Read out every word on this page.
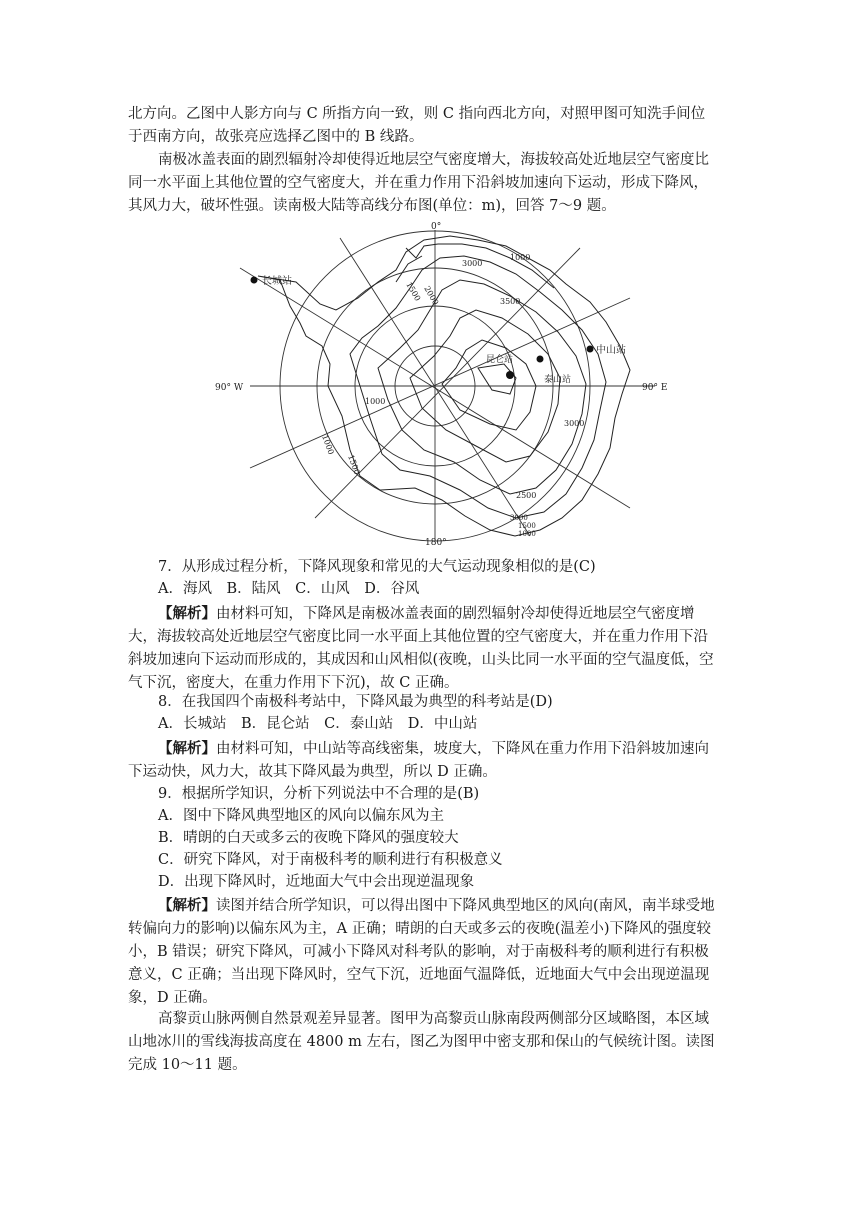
北方向。乙图中人影方向与 C 所指方向一致，则 C 指向西北方向，对照甲图可知洗手间位于西南方向，故张亮应选择乙图中的 B 线路。

南极冰盖表面的剧烈辐射冷却使得近地层空气密度增大，海拔较高处近地层空气密度比同一水平面上其他位置的空气密度大，并在重力作用下沿斜坡加速向下运动，形成下降风，其风力大，破坏性强。读南极大陆等高线分布图(单位：m)，回答 7～9 题。

0°
90° W	90° E
180°
长城站
昆仑站
泰山站
中山站
3000
1000
2000	3500
1000
3000
1000
1500
2500
3000
1500
1000
1500

7．从形成过程分析，下降风现象和常见的大气运动现象相似的是(C)

A．海风　B．陆风　C．山风　D．谷风

【解析】由材料可知，下降风是南极冰盖表面的剧烈辐射冷却使得近地层空气密度增大，海拔较高处近地层空气密度比同一水平面上其他位置的空气密度大，并在重力作用下沿斜坡加速向下运动而形成的，其成因和山风相似(夜晚，山头比同一水平面的空气温度低，空气下沉，密度大，在重力作用下下沉)，故 C 正确。

8．在我国四个南极科考站中，下降风最为典型的科考站是(D)

A．长城站　B．昆仑站　C．泰山站　D．中山站

【解析】由材料可知，中山站等高线密集，坡度大，下降风在重力作用下沿斜坡加速向下运动快，风力大，故其下降风最为典型，所以 D 正确。

9．根据所学知识，分析下列说法中不合理的是(B)

A．图中下降风典型地区的风向以偏东风为主

B．晴朗的白天或多云的夜晚下降风的强度较大

C．研究下降风，对于南极科考的顺利进行有积极意义

D．出现下降风时，近地面大气中会出现逆温现象

【解析】读图并结合所学知识，可以得出图中下降风典型地区的风向(南风，南半球受地转偏向力的影响)以偏东风为主，A 正确；晴朗的白天或多云的夜晚(温差小)下降风的强度较小，B 错误；研究下降风，可减小下降风对科考队的影响，对于南极科考的顺利进行有积极意义，C 正确；当出现下降风时，空气下沉，近地面气温降低，近地面大气中会出现逆温现象，D 正确。

高黎贡山脉两侧自然景观差异显著。图甲为高黎贡山脉南段两侧部分区域略图，本区域山地冰川的雪线海拔高度在 4800 m 左右，图乙为图甲中密支那和保山的气候统计图。读图完成 10～11 题。
